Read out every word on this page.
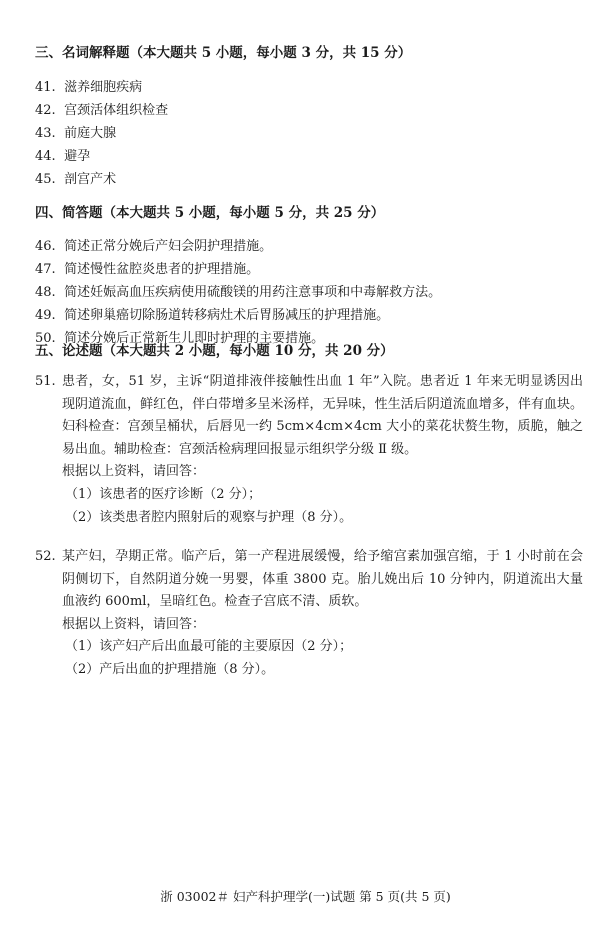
三、名词解释题（本大题共 5 小题，每小题 3 分，共 15 分）
41. 滋养细胞疾病
42. 宫颈活体组织检查
43. 前庭大腺
44. 避孕
45. 剖宫产术
四、简答题（本大题共 5 小题，每小题 5 分，共 25 分）
46. 简述正常分娩后产妇会阴护理措施。
47. 简述慢性盆腔炎患者的护理措施。
48. 简述妊娠高血压疾病使用硫酸镁的用药注意事项和中毒解救方法。
49. 简述卵巢癌切除肠道转移病灶术后胃肠减压的护理措施。
50. 简述分娩后正常新生儿即时护理的主要措施。
五、论述题（本大题共 2 小题，每小题 10 分，共 20 分）
51. 患者，女，51 岁，主诉“阴道排液伴接触性出血 1 年”入院。患者近 1 年来无明显诱因出现阴道流血，鲜红色，伴白带增多呈米汤样，无异味，性生活后阴道流血增多，伴有血块。妇科检查：宫颈呈桶状，后唇见一约 5cm×4cm×4cm 大小的菜花状赘生物，质脆，触之易出血。辅助检查：宫颈活检病理回报显示组织学分级 Ⅱ 级。
根据以上资料，请回答：
（1）该患者的医疗诊断（2 分）；
（2）该类患者腔内照射后的观察与护理（8 分）。
52. 某产妇，孕期正常。临产后，第一产程进展缓慢，给予缩宫素加强宫缩，于 1 小时前在会阴侧切下，自然阴道分娩一男婴，体重 3800 克。胎儿娩出后 10 分钟内，阴道流出大量血液约 600ml，呈暗红色。检查子宫底不清、质软。
根据以上资料，请回答：
（1）该产妇产后出血最可能的主要原因（2 分）；
（2）产后出血的护理措施（8 分）。
浙 03002＃ 妇产科护理学(一)试题 第 5 页(共 5 页)
